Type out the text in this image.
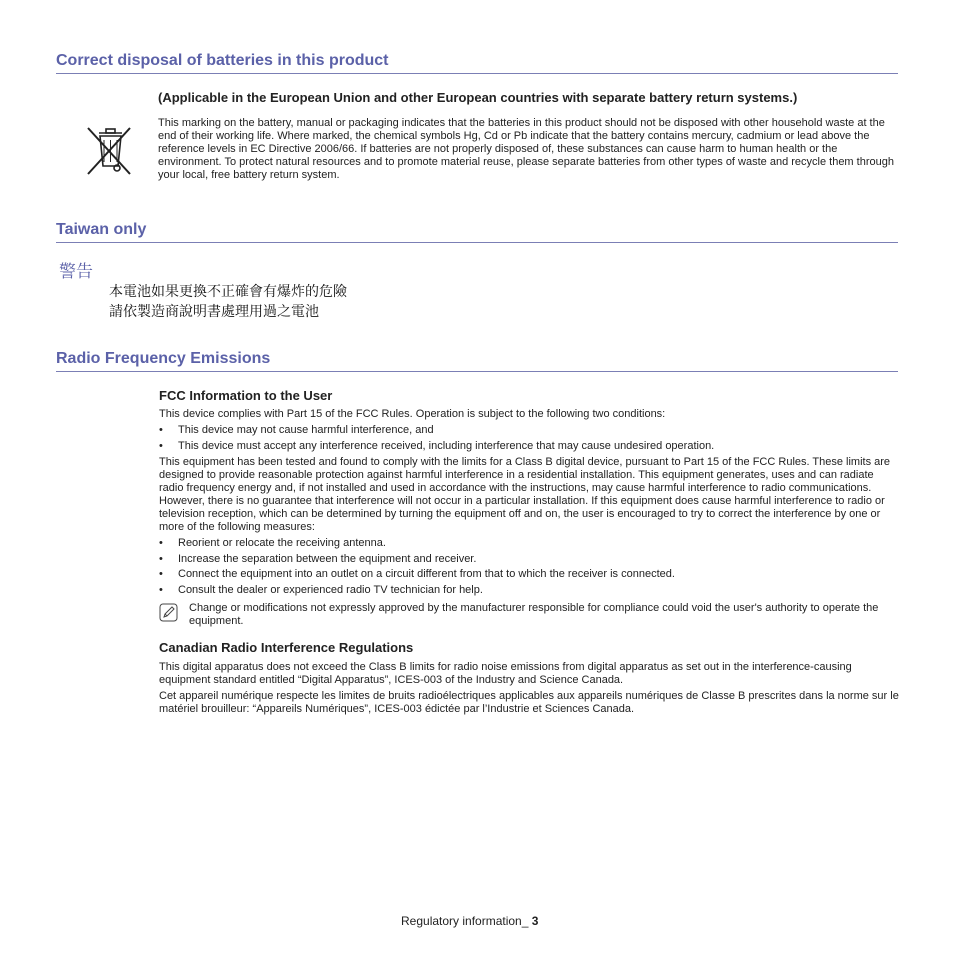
Correct disposal of batteries in this product
(Applicable in the European Union and other European countries with separate battery return systems.)
This marking on the battery, manual or packaging indicates that the batteries in this product should not be disposed with other household waste at the end of their working life. Where marked, the chemical symbols Hg, Cd or Pb indicate that the battery contains mercury, cadmium or lead above the reference levels in EC Directive 2006/66. If batteries are not properly disposed of, these substances can cause harm to human health or the environment. To protect natural resources and to promote material reuse, please separate batteries from other types of waste and recycle them through your local, free battery return system.
Taiwan only
警告
本電池如果更換不正確會有爆炸的危險
請依製造商說明書處理用過之電池
Radio Frequency Emissions
FCC Information to the User
This device complies with Part 15 of the FCC Rules. Operation is subject to the following two conditions:
• This device may not cause harmful interference, and
• This device must accept any interference received, including interference that may cause undesired operation.
This equipment has been tested and found to comply with the limits for a Class B digital device, pursuant to Part 15 of the FCC Rules. These limits are designed to provide reasonable protection against harmful interference in a residential installation. This equipment generates, uses and can radiate radio frequency energy and, if not installed and used in accordance with the instructions, may cause harmful interference to radio communications. However, there is no guarantee that interference will not occur in a particular installation. If this equipment does cause harmful interference to radio or television reception, which can be determined by turning the equipment off and on, the user is encouraged to try to correct the interference by one or more of the following measures:
• Reorient or relocate the receiving antenna.
• Increase the separation between the equipment and receiver.
• Connect the equipment into an outlet on a circuit different from that to which the receiver is connected.
• Consult the dealer or experienced radio TV technician for help.
Change or modifications not expressly approved by the manufacturer responsible for compliance could void the user's authority to operate the equipment.
Canadian Radio Interference Regulations
This digital apparatus does not exceed the Class B limits for radio noise emissions from digital apparatus as set out in the interference-causing equipment standard entitled “Digital Apparatus”, ICES-003 of the Industry and Science Canada.
Cet appareil numérique respecte les limites de bruits radioélectriques applicables aux appareils numériques de Classe B prescrites dans la norme sur le matériel brouilleur: “Appareils Numériques”, ICES-003 édictée par l’Industrie et Sciences Canada.
Regulatory information_ 3
